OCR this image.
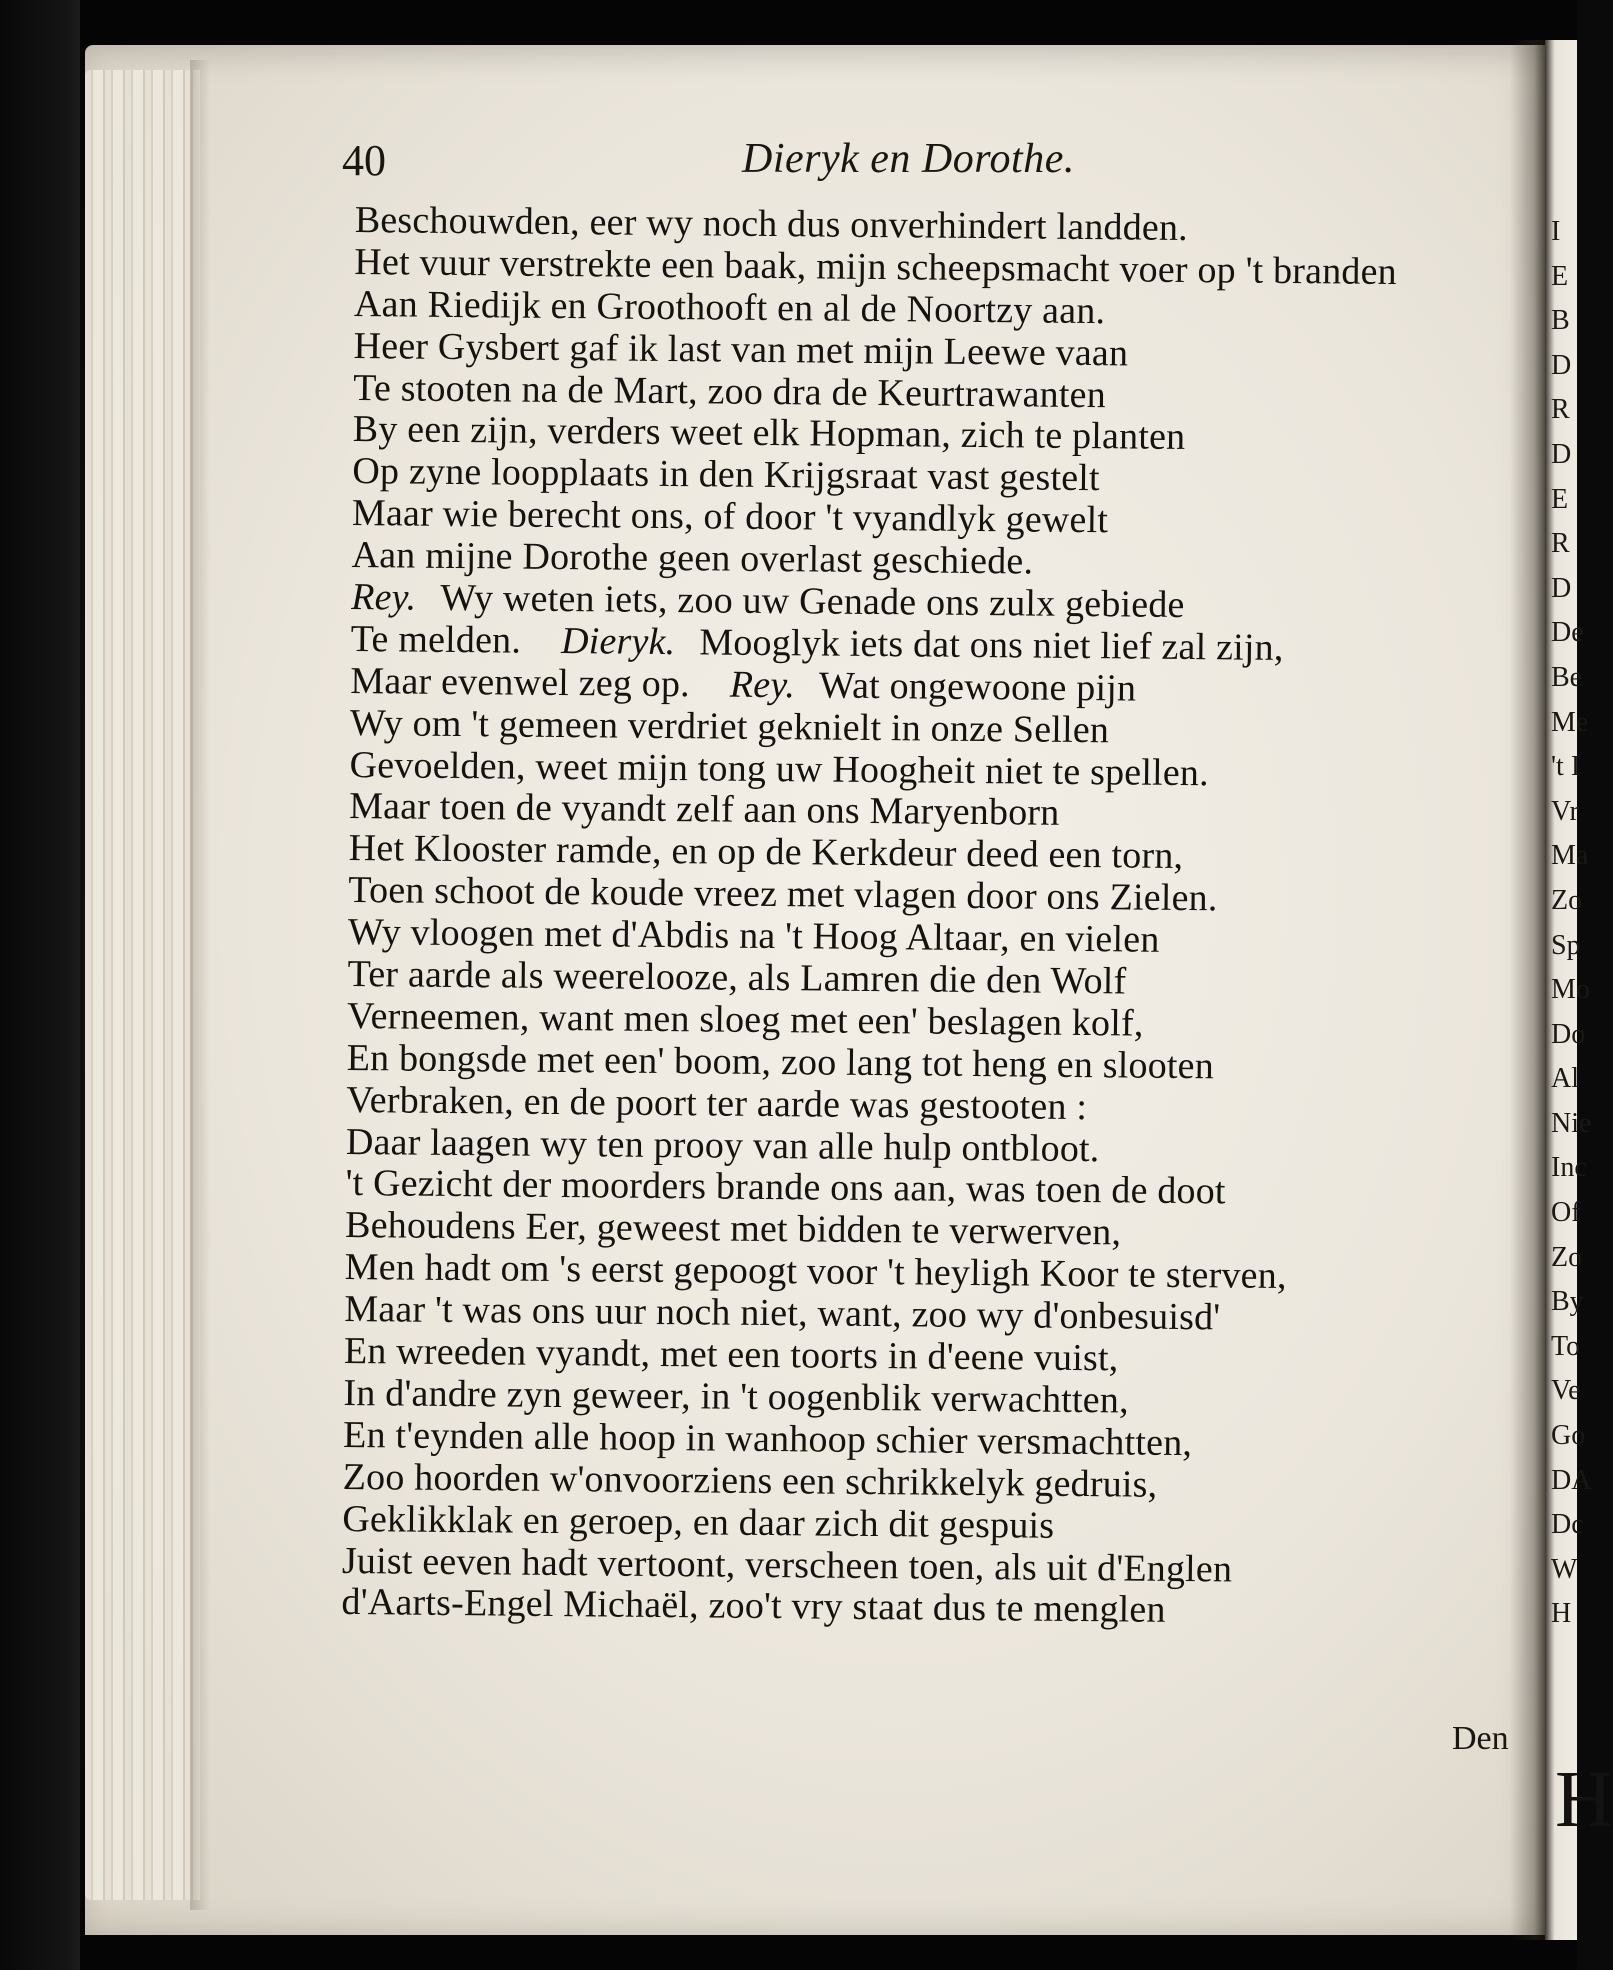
40	Dieryk en Dorothe.
Beschouwden, eer wy noch dus onverhindert landden.
Het vuur verstrekte een baak, mijn scheepsmacht voer op 't branden
Aan Riedijk en Groothooft en al de Noortzy aan.
Heer Gysbert gaf ik last van met mijn Leewe vaan
Te stooten na de Mart, zoo dra de Keurtrawanten
By een zijn, verders weet elk Hopman, zich te planten
Op zyne loopplaats in den Krijgsraat vast gestelt
Maar wie berecht ons, of door 't vyandlyk gewelt
Aan mijne Dorothe geen overlast geschiede.
Rey. Wy weten iets, zoo uw Genade ons zulx gebiede
Te melden. Dieryk. Mooglyk iets dat ons niet lief zal zijn,
Maar evenwel zeg op. Rey. Wat ongewoone pijn
Wy om 't gemeen verdriet geknielt in onze Sellen
Gevoelden, weet mijn tong uw Hoogheit niet te spellen.
Maar toen de vyandt zelf aan ons Maryenborn
Het Klooster ramde, en op de Kerkdeur deed een torn,
Toen schoot de koude vreez met vlagen door ons Zielen.
Wy vloogen met d'Abdis na 't Hoog Altaar, en vielen
Ter aarde als weerelooze, als Lamren die den Wolf
Verneemen, want men sloeg met een' beslagen kolf,
En bongsde met een' boom, zoo lang tot heng en slooten
Verbraken, en de poort ter aarde was gestooten :
Daar laagen wy ten prooy van alle hulp ontbloot.
't Gezicht der moorders brande ons aan, was toen de doot
Behoudens Eer, geweest met bidden te verwerven,
Men hadt om 's eerst gepoogt voor 't heyligh Koor te sterven,
Maar 't was ons uur noch niet, want, zoo wy d'onbesuisd'
En wreeden vyandt, met een toorts in d'eene vuist,
In d'andre zyn geweer, in 't oogenblik verwachtten,
En t'eynden alle hoop in wanhoop schier versmachtten,
Zoo hoorden w'onvoorziens een schrikkelyk gedruis,
Geklikklak en geroep, en daar zich dit gespuis
Juist eeven hadt vertoont, verscheen toen, als uit d'Englen
d'Aarts-Engel Michaël, zoo't vry staat dus te menglen
Den
I
E
B
D
R
D
E
R
D
De
Be
Me
't I
Vr
Ma
Zo
Sp
Mo
Do
Al
Nie
Inc
Of
Zo
By
To
Ve
Go
DA
Dc
W
H
H
